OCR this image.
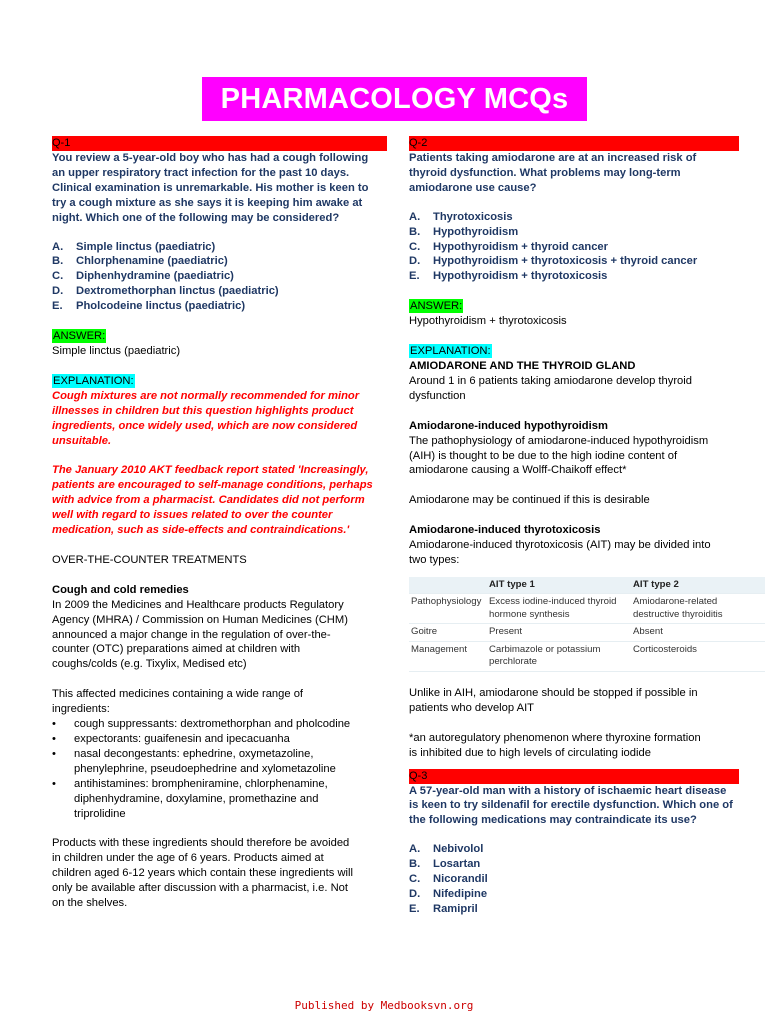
PHARMACOLOGY MCQs
Q-1

You review a 5-year-old boy who has had a cough following
an upper respiratory tract infection for the past 10 days.
Clinical examination is unremarkable. His mother is keen to
try a cough mixture as she says it is keeping him awake at
night. Which one of the following may be considered?

A.	Simple linctus (paediatric)
B.	Chlorphenamine (paediatric)
C.	Diphenhydramine (paediatric)
D.	Dextromethorphan linctus (paediatric)
E.	Pholcodeine linctus (paediatric)
ANSWER:

Simple linctus (paediatric)

EXPLANATION:

Cough mixtures are not normally recommended for minor
illnesses in children but this question highlights product
ingredients, once widely used, which are now considered
unsuitable.

The January 2010 AKT feedback report stated 'Increasingly,
patients are encouraged to self-manage conditions, perhaps
with advice from a pharmacist. Candidates did not perform
well with regard to issues related to over the counter
medication, such as side-effects and contraindications.'

OVER-THE-COUNTER TREATMENTS

Cough and cold remedies

In 2009 the Medicines and Healthcare products Regulatory
Agency (MHRA) / Commission on Human Medicines (CHM)
announced a major change in the regulation of over-the-
counter (OTC) preparations aimed at children with
coughs/colds (e.g. Tixylix, Medised etc)

This affected medicines containing a wide range of
ingredients:

•	cough suppressants: dextromethorphan and pholcodine
•	expectorants: guaifenesin and ipecacuanha
•	nasal decongestants: ephedrine, oxymetazoline,
phenylephrine, pseudoephedrine and xylometazoline
•	antihistamines: brompheniramine, chlorphenamine,
diphenhydramine, doxylamine, promethazine and
triprolidine

Products with these ingredients should therefore be avoided
in children under the age of 6 years. Products aimed at
children aged 6-12 years which contain these ingredients will
only be available after discussion with a pharmacist, i.e. Not
on the shelves.

Q-2

Patients taking amiodarone are at an increased risk of
thyroid dysfunction. What problems may long-term
amiodarone use cause?

A.	Thyrotoxicosis
B.	Hypothyroidism
C.	Hypothyroidism + thyroid cancer
D.	Hypothyroidism + thyrotoxicosis + thyroid cancer
E.	Hypothyroidism + thyrotoxicosis
ANSWER:

Hypothyroidism + thyrotoxicosis

EXPLANATION:

AMIODARONE AND THE THYROID GLAND

Around 1 in 6 patients taking amiodarone develop thyroid
dysfunction

Amiodarone-induced hypothyroidism

The pathophysiology of amiodarone-induced hypothyroidism
(AIH) is thought to be due to the high iodine content of
amiodarone causing a Wolff-Chaikoff effect*

Amiodarone may be continued if this is desirable

Amiodarone-induced thyrotoxicosis

Amiodarone-induced thyrotoxicosis (AIT) may be divided into
two types:

	AIT type 1	AIT type 2
Pathophysiology	Excess iodine-induced thyroid hormone synthesis	Amiodarone-related destructive thyroiditis
Goitre	Present	Absent
Management	Carbimazole or potassium perchlorate	Corticosteroids

Unlike in AIH, amiodarone should be stopped if possible in
patients who develop AIT

*an autoregulatory phenomenon where thyroxine formation
is inhibited due to high levels of circulating iodide

Q-3

A 57-year-old man with a history of ischaemic heart disease
is keen to try sildenafil for erectile dysfunction. Which one of
the following medications may contraindicate its use?

A.	Nebivolol
B.	Losartan
C.	Nicorandil
D.	Nifedipine
E.	Ramipril
Published by Medbooksvn.org
